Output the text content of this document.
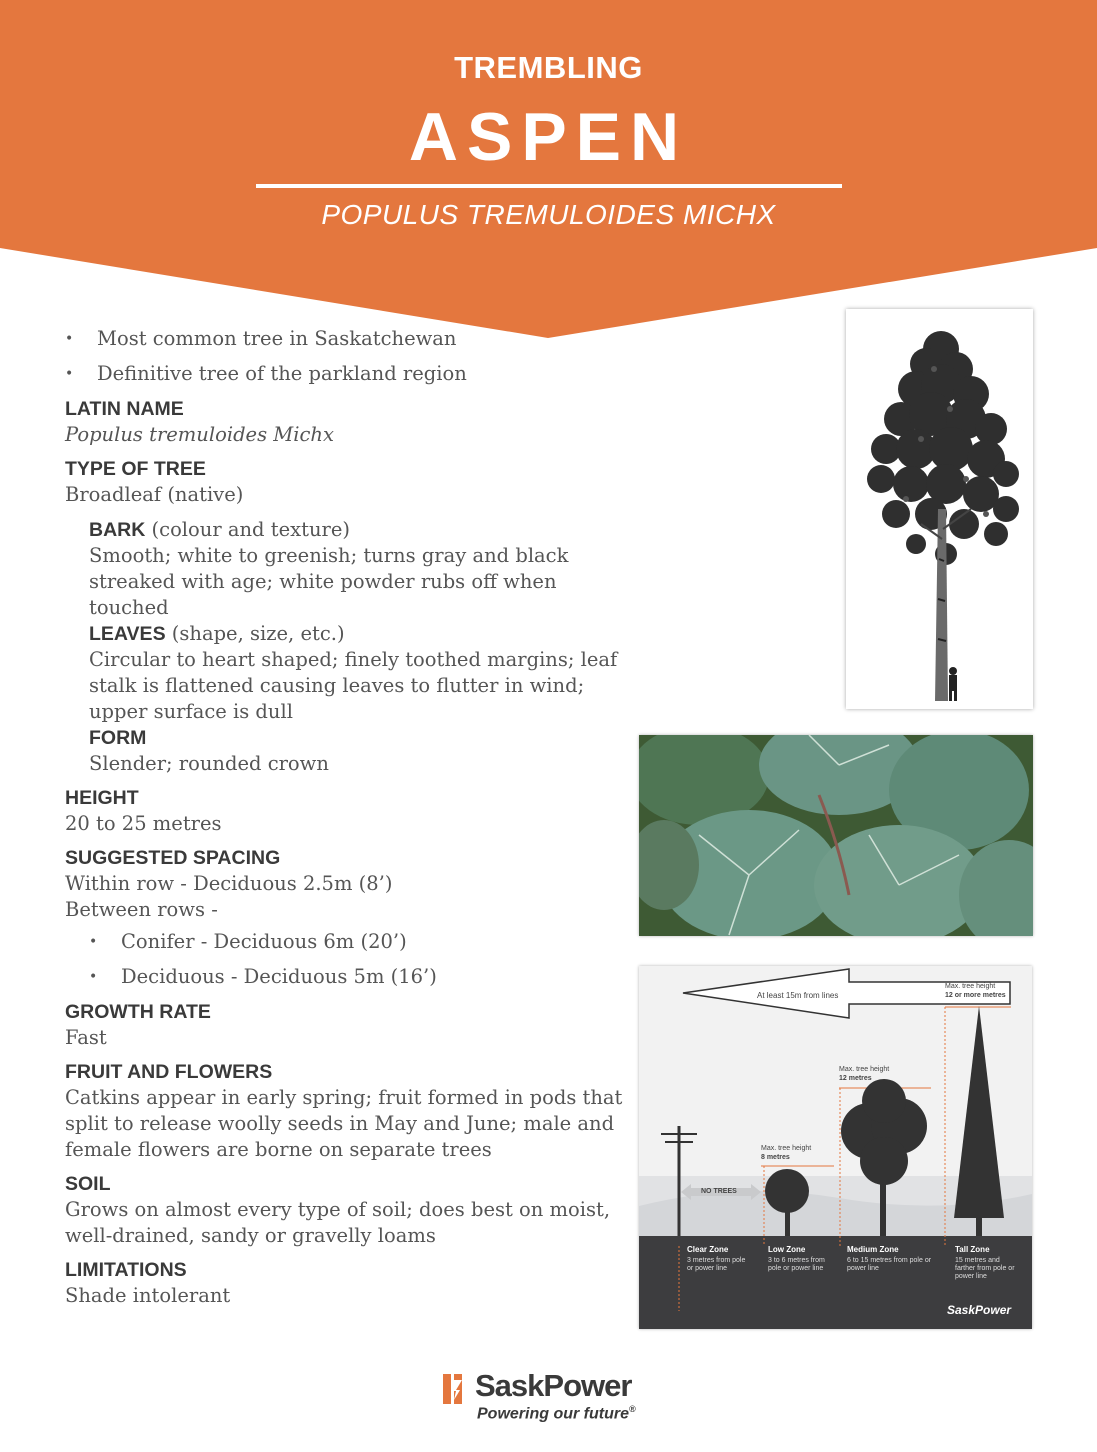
TREMBLING
ASPEN
POPULUS TREMULOIDES MICHX
• Most common tree in Saskatchewan
• Definitive tree of the parkland region
LATIN NAME

Populus tremuloides Michx

TYPE OF TREE

Broadleaf (native)

BARK (colour and texture)

Smooth; white to greenish; turns gray and black streaked with age; white powder rubs off when touched

LEAVES (shape, size, etc.)

Circular to heart shaped; finely toothed margins; leaf stalk is flattened causing leaves to flutter in wind; upper surface is dull

FORM

Slender; rounded crown

HEIGHT

20 to 25 metres

SUGGESTED SPACING

Within row - Deciduous 2.5m (8’)

Between rows -

• Conifer - Deciduous 6m (20’)
• Deciduous - Deciduous 5m (16’)
GROWTH RATE

Fast

FRUIT AND FLOWERS

Catkins appear in early spring; fruit formed in pods that split to release woolly seeds in May and June; male and female flowers are borne on separate trees

SOIL

Grows on almost every type of soil; does best on moist, well-drained, sandy or gravelly loams

LIMITATIONS

Shade intolerant

At least 15m from lines
Max. tree height
12 or more metres
Max. tree height
12 metres
Max. tree height
8 metres
NO TREES
Clear Zone
3 metres from pole or power line
Low Zone
3 to 6 metres from pole or power line
Medium Zone
6 to 15 metres from pole or power line
Tall Zone
15 metres and farther from pole or power line
SaskPower
SaskPower
Powering our future®
